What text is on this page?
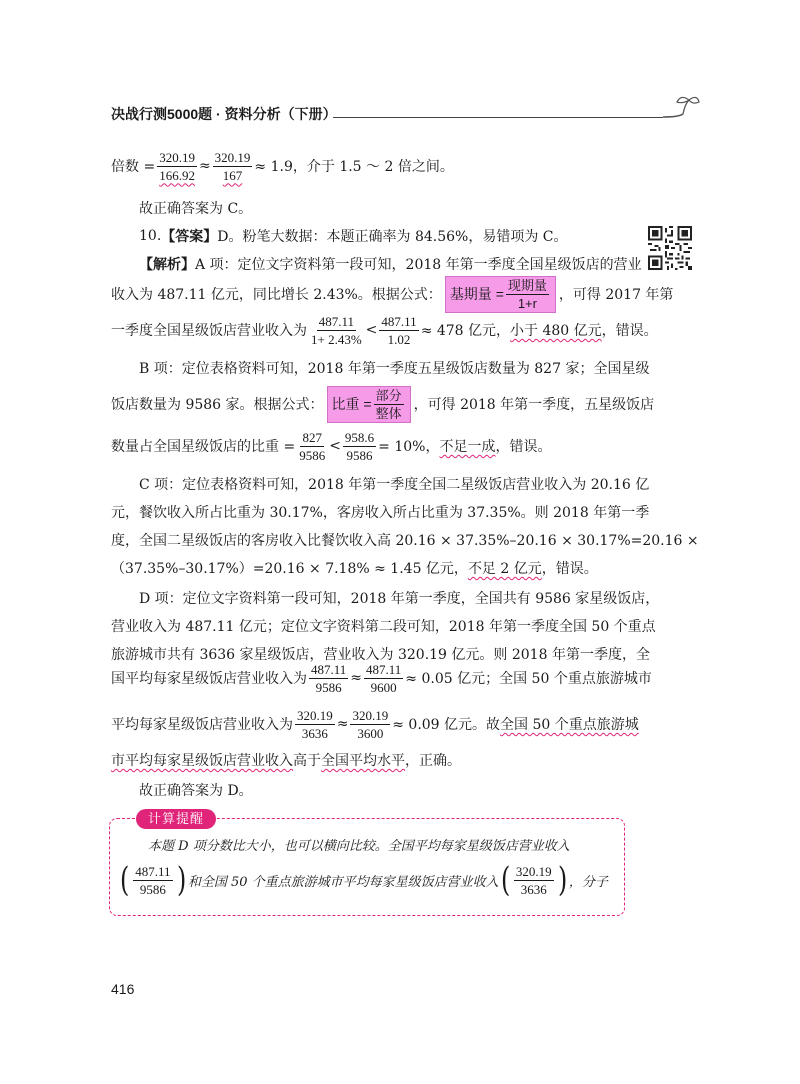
决战行测5000题 · 资料分析（下册）
倍数 = $\frac{320.19}{166.92} \approx \frac{320.19}{167} \approx 1.9$，介于 1.5 ～ 2 倍之间。
故正确答案为 C。
10. 【答案】 D。粉笔大数据：本题正确率为 84.56%，易错项为 C。
【解析】A 项：定位文字资料第一段可知，2018 年第一季度全国星级饭店的营业
收入为 487.11 亿元，同比增长 2.43%。根据公式： 基期量 = $\frac{\text{现期量}}{1+r}$ ，可得 2017 年第
一季度全国星级饭店营业收入为 $\frac{487.11}{1+ 2.43\%} < \frac{487.11}{1.02} \approx 478$ 亿元， 小于 480 亿元 ，错误。
B 项：定位表格资料可知，2018 年第一季度五星级饭店数量为 827 家；全国星级
饭店数量为 9586 家。根据公式： 比重 = $\frac{\text{部分}}{\text{整体}}$ ，可得 2018 年第一季度，五星级饭店
数量占全国星级饭店的比重 = $\frac{827}{9586} < \frac{958.6}{9586} = 10\%$， 不足一成 ，错误。
C 项：定位表格资料可知，2018 年第一季度全国二星级饭店营业收入为 20.16 亿
元，餐饮收入所占比重为 30.17%，客房收入所占比重为 37.35%。则 2018 年第一季
度，全国二星级饭店的客房收入比餐饮收入高 20.16 × 37.35%–20.16 × 30.17%=20.16 ×
（37.35%–30.17%）=20.16 × 7.18% ≈ 1.45 亿元， 不足 2 亿元 ，错误。
D 项：定位文字资料第一段可知，2018 年第一季度，全国共有 9586 家星级饭店，
营业收入为 487.11 亿元；定位文字资料第二段可知，2018 年第一季度全国 50 个重点
旅游城市共有 3636 家星级饭店，营业收入为 320.19 亿元。则 2018 年第一季度，全
国平均每家星级饭店营业收入为 $\frac{487.11}{9586} \approx \frac{487.11}{9600} \approx 0.05$ 亿元；全国 50 个重点旅游城市
平均每家星级饭店营业收入为 $\frac{320.19}{3636} \approx \frac{320.19}{3600} \approx 0.09$ 亿元。故 全国 50 个重点旅游城
市平均每家星级饭店营业收入 高于 全国平均水平 ，正确。
故正确答案为 D。
计算提醒
本题 D 项分数比大小，也可以横向比较。全国平均每家星级饭店营业收入
( $\frac{487.11}{9586}$ ) 和全国 50 个重点旅游城市平均每家星级饭店营业收入 ( $\frac{320.19}{3636}$ ) ，分子
416
